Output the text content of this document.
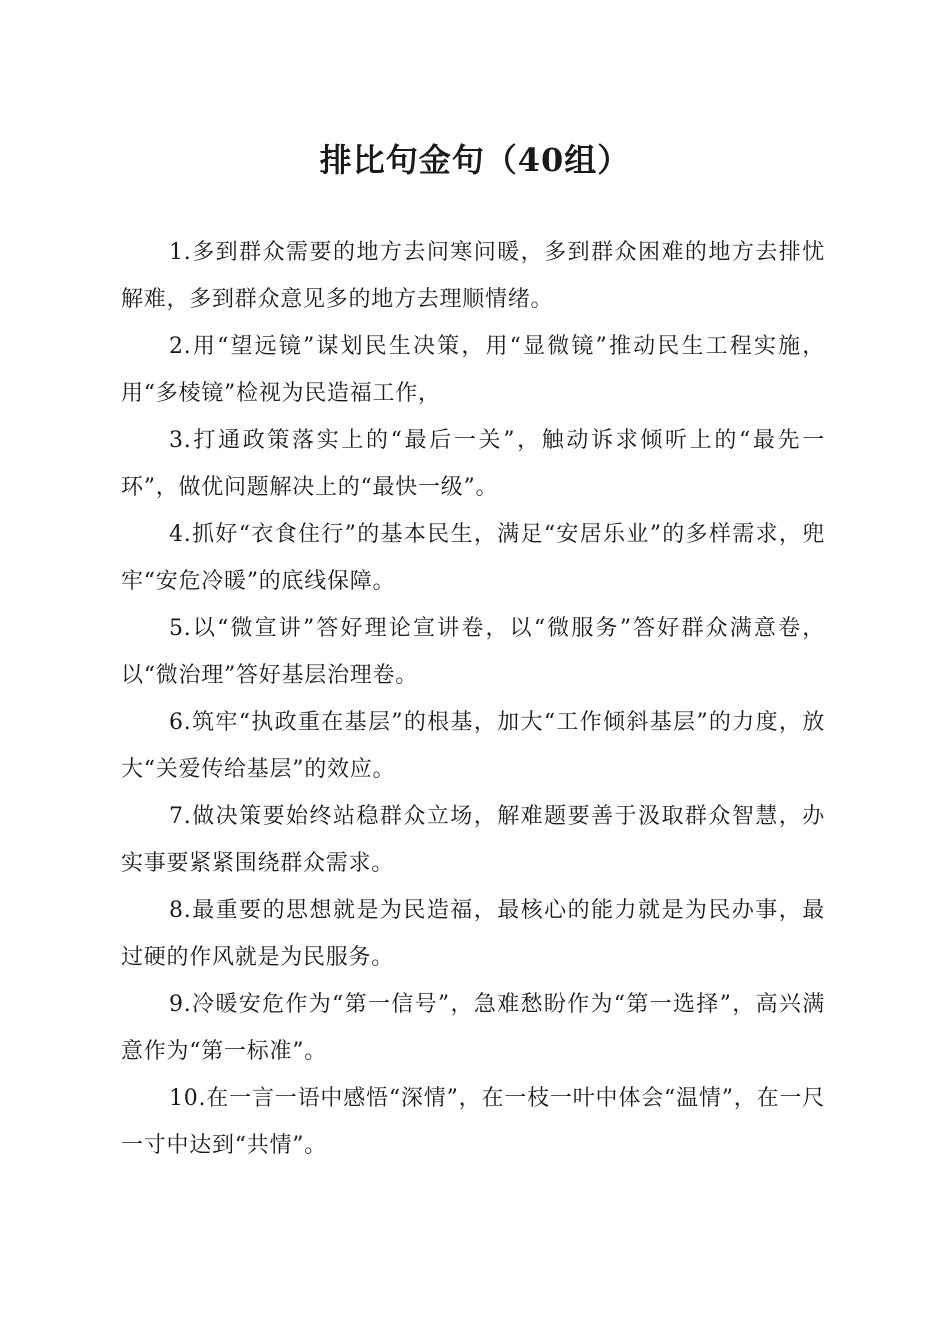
排比句金句（40组）

1.多到群众需要的地方去问寒问暖，多到群众困难的地方去排忧解难，多到群众意见多的地方去理顺情绪。

2.用“望远镜”谋划民生决策，用“显微镜”推动民生工程实施，用“多棱镜”检视为民造福工作，

3.打通政策落实上的“最后一关”，触动诉求倾听上的“最先一环”，做优问题解决上的“最快一级”。

4.抓好“衣食住行”的基本民生，满足“安居乐业”的多样需求，兜牢“安危冷暖”的底线保障。

5.以“微宣讲”答好理论宣讲卷，以“微服务”答好群众满意卷，以“微治理”答好基层治理卷。

6.筑牢“执政重在基层”的根基，加大“工作倾斜基层”的力度，放大“关爱传给基层”的效应。

7.做决策要始终站稳群众立场，解难题要善于汲取群众智慧，办实事要紧紧围绕群众需求。

8.最重要的思想就是为民造福，最核心的能力就是为民办事，最过硬的作风就是为民服务。

9.冷暖安危作为“第一信号”，急难愁盼作为“第一选择”，高兴满意作为“第一标准”。

10.在一言一语中感悟“深情”，在一枝一叶中体会“温情”，在一尺一寸中达到“共情”。
